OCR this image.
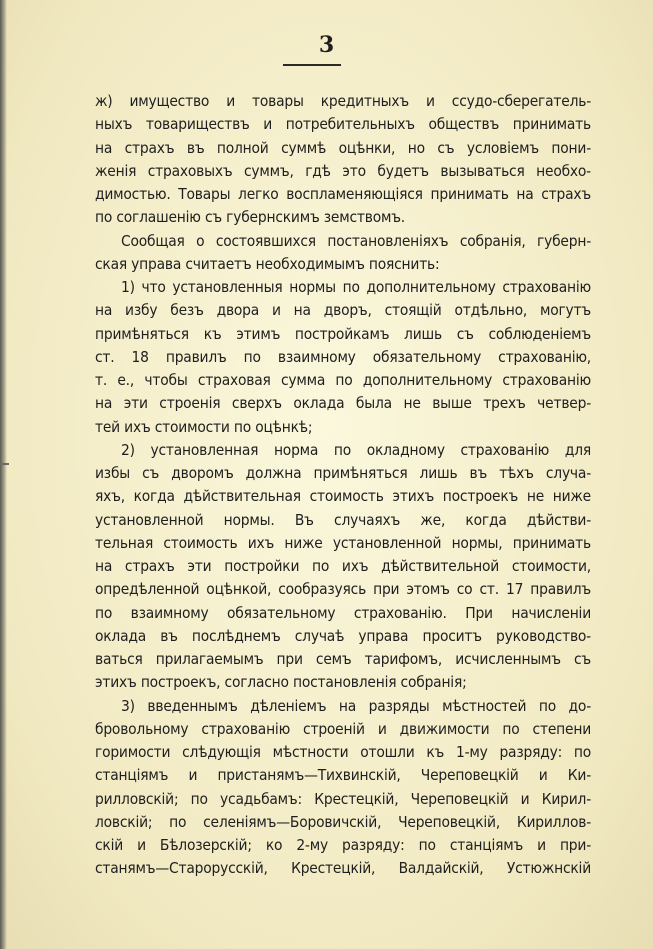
3
ж) имущество и товары кредитныхъ и ссудо-сберегатель-
ныхъ товариществъ и потребительныхъ обществъ принимать
на страхъ въ полной суммѣ оцѣнки, но съ условіемъ пони-
женія страховыхъ суммъ, гдѣ это будетъ вызываться необхо-
димостью. Товары легко воспламеняющіяся принимать на страхъ
по соглашенію съ губернскимъ земствомъ.
Сообщая о состоявшихся постановленіяхъ собранія, губерн-
ская управа считаетъ необходимымъ пояснить:
1) что установленныя нормы по дополнительному страхованію
на избу безъ двора и на дворъ, стоящій отдѣльно, могутъ
примѣняться къ этимъ постройкамъ лишь съ соблюденіемъ
ст. 18 правилъ по взаимному обязательному страхованію,
т. е., чтобы страховая сумма по дополнительному страхованію
на эти строенія сверхъ оклада была не выше трехъ четвер-
тей ихъ стоимости по оцѣнкѣ;
2) установленная норма по окладному страхованію для
избы съ дворомъ должна примѣняться лишь въ тѣхъ случа-
яхъ, когда дѣйствительная стоимость этихъ построекъ не ниже
установленной нормы. Въ случаяхъ же, когда дѣйстви-
тельная стоимость ихъ ниже установленной нормы, принимать
на страхъ эти постройки по ихъ дѣйствительной стоимости,
опредѣленной оцѣнкой, сообразуясь при этомъ со ст. 17 правилъ
по взаимному обязательному страхованію. При начисленіи
оклада въ послѣднемъ случаѣ управа проситъ руководство-
ваться прилагаемымъ при семъ тарифомъ, исчисленнымъ съ
этихъ построекъ, согласно постановленія собранія;
3) введеннымъ дѣленіемъ на разряды мѣстностей по до-
бровольному страхованію строеній и движимости по степени
горимости слѣдующія мѣстности отошли къ 1-му разряду: по
станціямъ и пристанямъ—Тихвинскій, Череповецкій и Ки-
рилловскій; по усадьбамъ: Крестецкій, Череповецкій и Кирил-
ловскій; по селеніямъ—Боровичскій, Череповецкій, Кириллов-
скій и Бѣлозерскій; ко 2-му разряду: по станціямъ и при-
станямъ—Старорусскій, Крестецкій, Валдайскій, Устюжнскій
